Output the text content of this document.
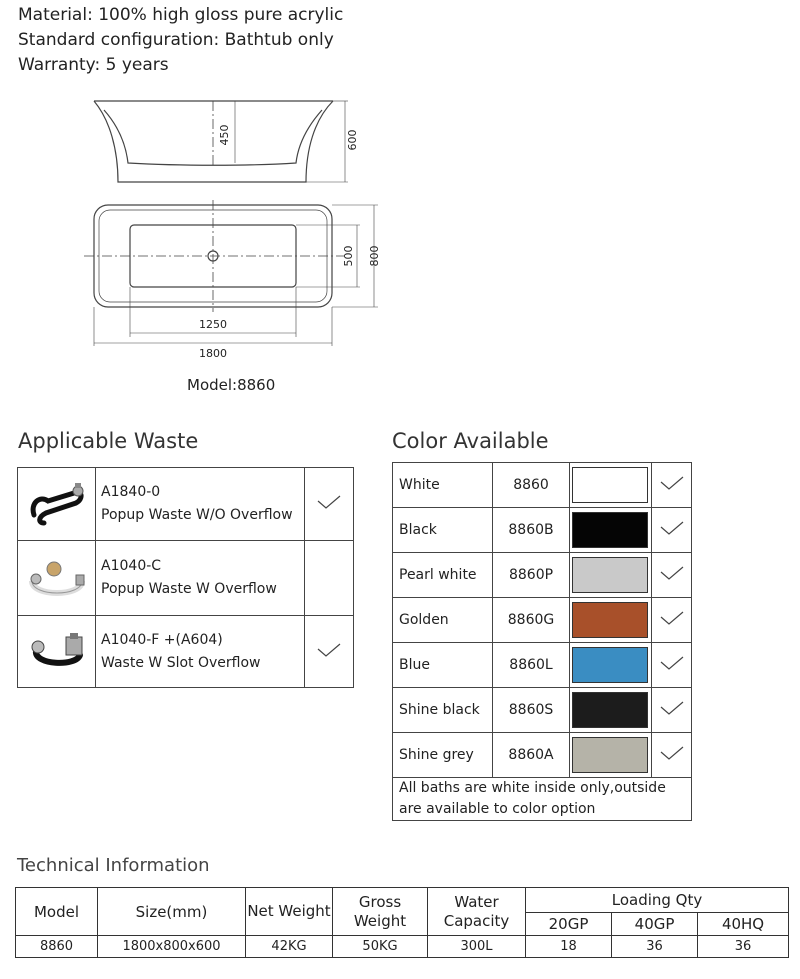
Material: 100% high gloss pure acrylic
Standard configuration: Bathtub only
Warranty: 5 years
450	600
500 800
1250
1800
Model:8860
Applicable Waste

A1840-0
Popup Waste W/O Overflow

A1040-C
Popup Waste W Overflow	

A1040-F +(A604)
Waste W Slot Overflow

Color Available
White	8860	

Black	8860B	

Pearl white	8860P	

Golden	8860G	

Blue	8860L	

Shine black	8860S	

Shine grey	8860A	

All baths are white inside only,outside are available to color option			
Technical Information
Model	Size(mm)	Net Weight	Gross Weight	Water Capacity	Loading Qty		
					20GP	40GP	40HQ
8860	1800x800x600	42KG	50KG	300L	18	36	36
